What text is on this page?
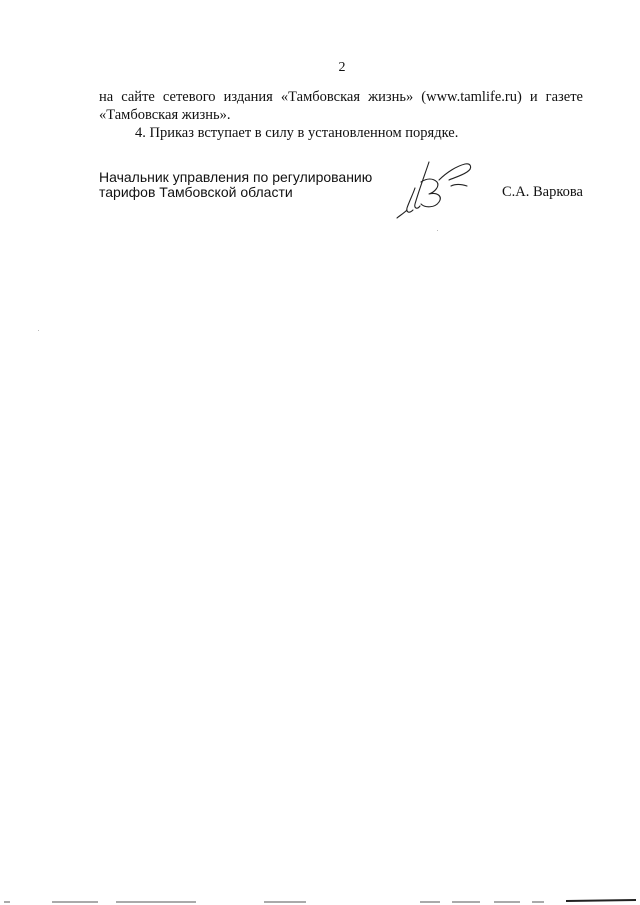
2

на сайте сетевого издания «Тамбовская жизнь» (www.tamlife.ru) и газете
«Тамбовская жизнь».

4. Приказ вступает в силу в установленном порядке.

Начальник управления по регулированию
тарифов Тамбовской области	С.А. Варкова
